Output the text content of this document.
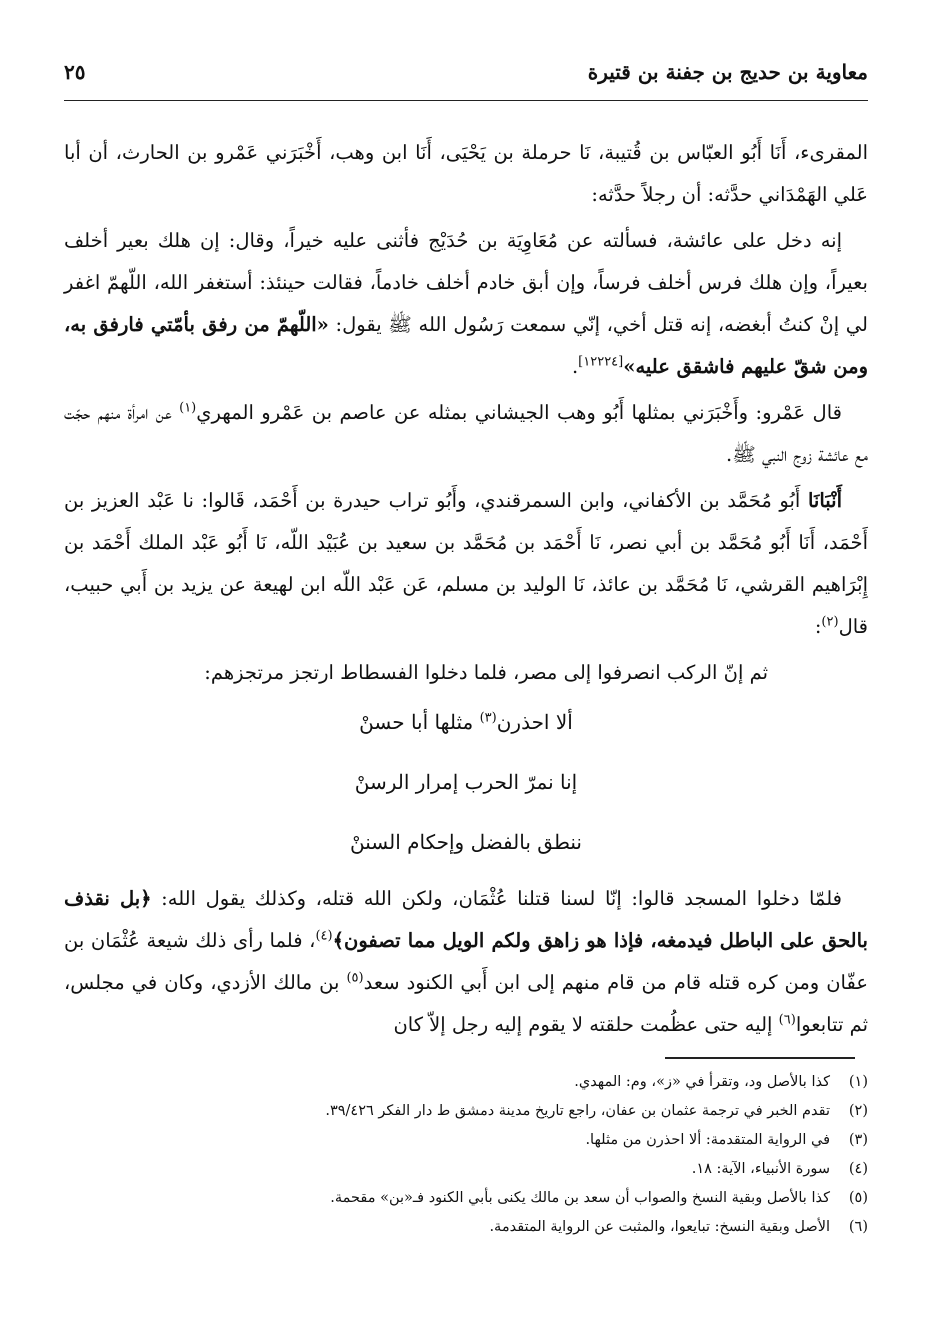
معاوية بن حديج بن جفنة بن قتيرة
٢٥

المقرىء، أَنَا أَبُو العبّاس بن قُتيبة، نَا حرملة بن يَحْيَى، أَنَا ابن وهب، أَخْبَرَني عَمْرو بن الحارث، أن أبا عَلي الهَمْدَاني حدَّثه: أن رجلاً حدَّثه:

إنه دخل على عائشة، فسألته عن مُعَاوِيَة بن حُدَيْج فأثنى عليه خيراً، وقال: إن هلك بعير أخلف بعيراً، وإن هلك فرس أخلف فرساً، وإن أبق خادم أخلف خادماً، فقالت حينئذ: أستغفر الله، اللّهمّ اغفر لي إنْ كنتُ أبغضه، إنه قتل أخي، إنّي سمعت رَسُول الله ﷺ يقول: «اللّهمّ من رفق بأمّتي فارفق به، ومن شقّ عليهم فاشقق عليه»[١٢٢٢٤].

قال عَمْرو: وأَخْبَرَني بمثلها أَبُو وهب الجيشاني بمثله عن عاصم بن عَمْرو المهري$^{(١)}$ عن امرأة منهم حجّت مع عائشة زوج النبي ﷺ.

أَنْبَانَا أَبُو مُحَمَّد بن الأكفاني، وابن السمرقندي، وأَبُو تراب حيدرة بن أَحْمَد، قَالوا: نا عَبْد العزيز بن أَحْمَد، أَنَا أَبُو مُحَمَّد بن أبي نصر، نَا أَحْمَد بن مُحَمَّد بن سعيد بن عُبَيْد اللّه، نَا أَبُو عَبْد الملك أَحْمَد بن إِبْرَاهيم القرشي، نَا مُحَمَّد بن عائذ، نَا الوليد بن مسلم، عَن عَبْد اللّه ابن لهيعة عن يزيد بن أَبي حبيب، قال$^{(٢)}$:

ثم إنّ الركب انصرفوا إلى مصر، فلما دخلوا الفسطاط ارتجز مرتجزهم:

ألا احذرن$^{(٣)}$ مثلها أبا حسنْ

إنا نمرّ الحرب إمرار الرسنْ

ننطق بالفضل وإحكام السننْ

فلمّا دخلوا المسجد قالوا: إنّا لسنا قتلنا عُثْمَان، ولكن الله قتله، وكذلك يقول الله: ﴿بل نقذف بالحق على الباطل فيدمغه، فإذا هو زاهق ولكم الويل مما تصفون﴾$^{(٤)}$، فلما رأى ذلك شيعة عُثْمَان بن عفّان ومن كره قتله قام من قام منهم إلى ابن أَبي الكنود سعد$^{(٥)}$ بن مالك الأزدي، وكان في مجلس، ثم تتابعوا$^{(٦)}$ إليه حتى عظُمت حلقته لا يقوم إليه رجل إلاّ كان

(١)
كذا بالأصل ود، وتقرأ في «ز»، وم: المهدي.
(٢)
تقدم الخبر في ترجمة عثمان بن عفان، راجع تاريخ مدينة دمشق ط دار الفكر ٣٩/٤٢٦.
(٣)
في الرواية المتقدمة: ألا احذرن من مثلها.
(٤)
سورة الأنبياء، الآية: ١٨.
(٥)
كذا بالأصل وبقية النسخ والصواب أن سعد بن مالك يكنى بأبي الكنود فـ«بن» مقحمة.
(٦)
الأصل وبقية النسخ: تبايعوا، والمثبت عن الرواية المتقدمة.
